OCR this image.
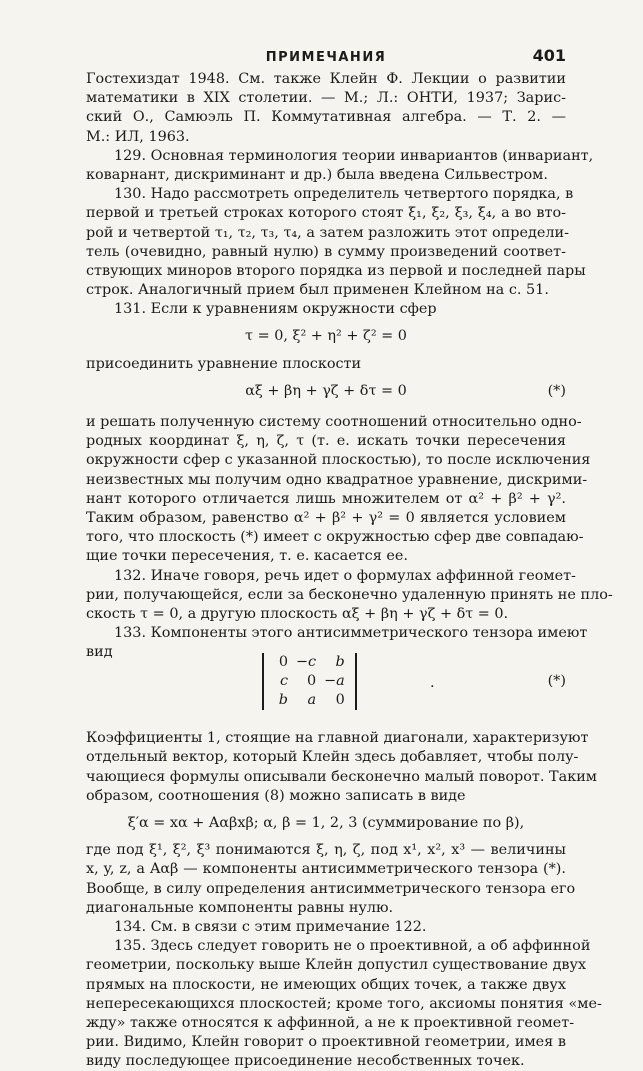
ПРИМЕЧАНИЯ	401
Гостехиздат 1948. См. также Клейн Ф. Лекции о развитии
математики в XIX столетии. — М.; Л.: ОНТИ, 1937; Зарис-
ский О., Самюэль П. Коммутативная алгебра. — Т. 2. —
М.: ИЛ, 1963.
129. Основная терминология теории инвариантов (инвариант,
коварнант, дискриминант и др.) была введена Сильвестром.
130. Надо рассмотреть определитель четвертого порядка, в
первой и третьей строках которого стоят ξ₁, ξ₂, ξ₃, ξ₄, а во вто-
рой и четвертой τ₁, τ₂, τ₃, τ₄, а затем разложить этот определи-
тель (очевидно, равный нулю) в сумму произведений соответ-
ствующих миноров второго порядка из первой и последней пары
строк. Аналогичный прием был применен Клейном на с. 51.
131. Если к уравнениям окружности сфер
τ = 0, ξ² + η² + ζ² = 0
присоединить уравнение плоскости
αξ + βη + γζ + δτ = 0	(*)
и решать полученную систему соотношений относительно одно-
родных координат ξ, η, ζ, τ (т. е. искать точки пересечения
окружности сфер с указанной плоскостью), то после исключения
неизвестных мы получим одно квадратное уравнение, дискрими-
нант которого отличается лишь множителем от α² + β² + γ².
Таким образом, равенство α² + β² + γ² = 0 является условием
того, что плоскость (*) имеет с окружностью сфер две совпадаю-
щие точки пересечения, т. е. касается ее.
132. Иначе говоря, речь идет о формулах аффинной геомет-
рии, получающейся, если за бесконечно удаленную принять не пло-
скость τ = 0, а другую плоскость αξ + βη + γζ + δτ = 0.
133. Компоненты этого антисимметрического тензора имеют
вид
0	−c	b
c	0	−a
b	a	0
.	(*)
Коэффициенты 1, стоящие на главной диагонали, характеризуют
отдельный вектор, который Клейн здесь добавляет, чтобы полу-
чающиеся формулы описывали бесконечно малый поворот. Таким
образом, соотношения (8) можно записать в виде
ξ′α = xα + Aαβxβ; α, β = 1, 2, 3 (суммирование по β),
где под ξ¹, ξ², ξ³ понимаются ξ, η, ζ, под x¹, x², x³ — величины
x, y, z, а Aαβ — компоненты антисимметрического тензора (*).
Вообще, в силу определения антисимметрического тензора его
диагональные компоненты равны нулю.
134. См. в связи с этим примечание 122.
135. Здесь следует говорить не о проективной, а об аффинной
геометрии, поскольку выше Клейн допустил существование двух
прямых на плоскости, не имеющих общих точек, а также двух
непересекающихся плоскостей; кроме того, аксиомы понятия «ме-
жду» также относятся к аффинной, а не к проективной геомет-
рии. Видимо, Клейн говорит о проективной геометрии, имея в
виду последующее присоединение несобственных точек.
